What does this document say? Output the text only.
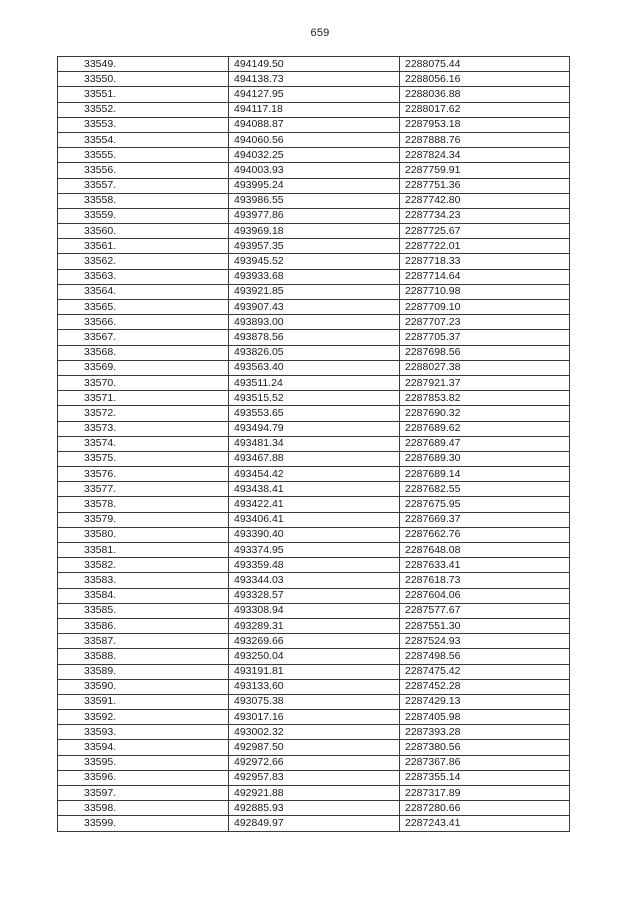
659
33549.	494149.50	2288075.44
33550.	494138.73	2288056.16
33551.	494127.95	2288036.88
33552.	494117.18	2288017.62
33553.	494088.87	2287953.18
33554.	494060.56	2287888.76
33555.	494032.25	2287824.34
33556.	494003.93	2287759.91
33557.	493995.24	2287751.36
33558.	493986.55	2287742.80
33559.	493977.86	2287734.23
33560.	493969.18	2287725.67
33561.	493957.35	2287722.01
33562.	493945.52	2287718.33
33563.	493933.68	2287714.64
33564.	493921.85	2287710.98
33565.	493907.43	2287709.10
33566.	493893.00	2287707.23
33567.	493878.56	2287705.37
33568.	493826.05	2287698.56
33569.	493563.40	2288027.38
33570.	493511.24	2287921.37
33571.	493515.52	2287853.82
33572.	493553.65	2287690.32
33573.	493494.79	2287689.62
33574.	493481.34	2287689.47
33575.	493467.88	2287689.30
33576.	493454.42	2287689.14
33577.	493438.41	2287682.55
33578.	493422.41	2287675.95
33579.	493406.41	2287669.37
33580.	493390.40	2287662.76
33581.	493374.95	2287648.08
33582.	493359.48	2287633.41
33583.	493344.03	2287618.73
33584.	493328.57	2287604.06
33585.	493308.94	2287577.67
33586.	493289.31	2287551.30
33587.	493269.66	2287524.93
33588.	493250.04	2287498.56
33589.	493191.81	2287475.42
33590.	493133.60	2287452.28
33591.	493075.38	2287429.13
33592.	493017.16	2287405.98
33593.	493002.32	2287393.28
33594.	492987.50	2287380.56
33595.	492972.66	2287367.86
33596.	492957.83	2287355.14
33597.	492921.88	2287317.89
33598.	492885.93	2287280.66
33599.	492849.97	2287243.41
